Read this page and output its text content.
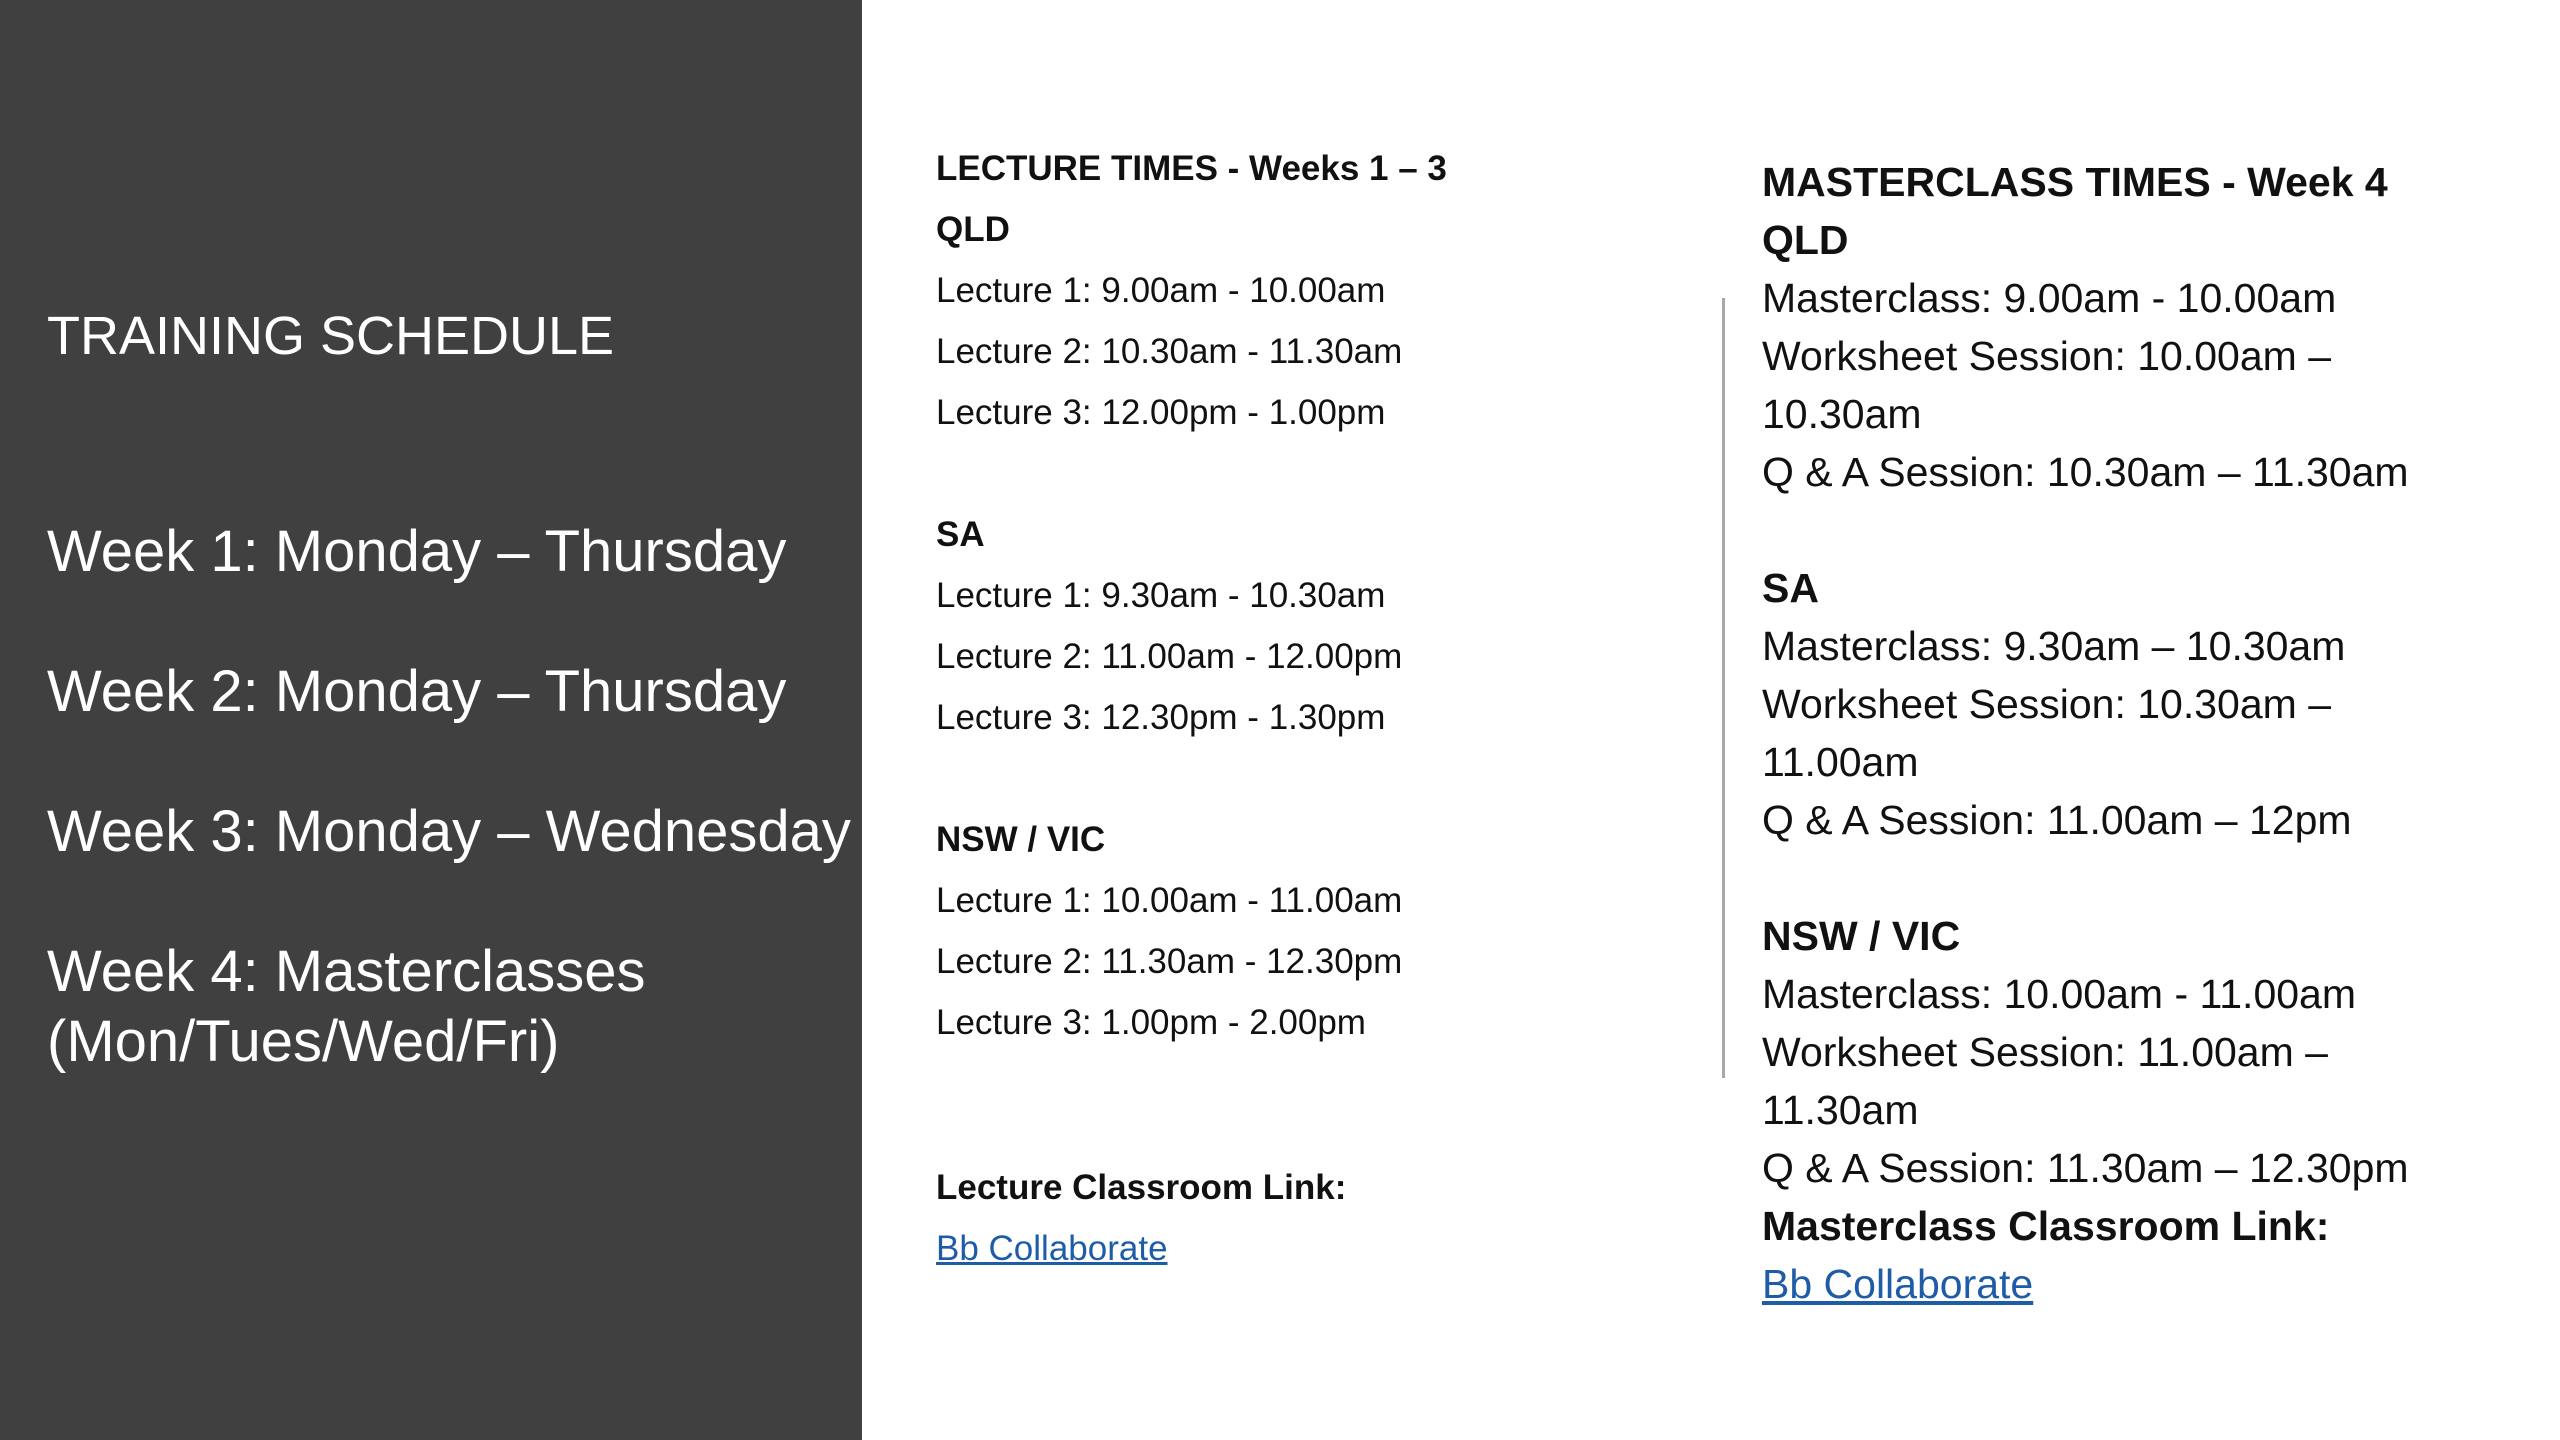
TRAINING SCHEDULE
Week 1: Monday – Thursday
Week 2: Monday – Thursday
Week 3: Monday – Wednesday
Week 4: Masterclasses
(Mon/Tues/Wed/Fri)
LECTURE TIMES - Weeks 1 – 3
QLD
Lecture 1: 9.00am - 10.00am
Lecture 2: 10.30am - 11.30am
Lecture 3: 12.00pm - 1.00pm
SA
Lecture 1: 9.30am - 10.30am
Lecture 2: 11.00am - 12.00pm
Lecture 3: 12.30pm - 1.30pm
NSW / VIC
Lecture 1: 10.00am - 11.00am
Lecture 2: 11.30am - 12.30pm
Lecture 3: 1.00pm - 2.00pm
Lecture Classroom Link:
Bb Collaborate
MASTERCLASS TIMES - Week 4
QLD
Masterclass: 9.00am - 10.00am
Worksheet Session: 10.00am –
10.30am
Q & A Session: 10.30am – 11.30am
SA
Masterclass: 9.30am – 10.30am
Worksheet Session: 10.30am –
11.00am
Q & A Session: 11.00am – 12pm
NSW / VIC
Masterclass: 10.00am - 11.00am
Worksheet Session: 11.00am –
11.30am
Q & A Session: 11.30am – 12.30pm
Masterclass Classroom Link:
Bb Collaborate
